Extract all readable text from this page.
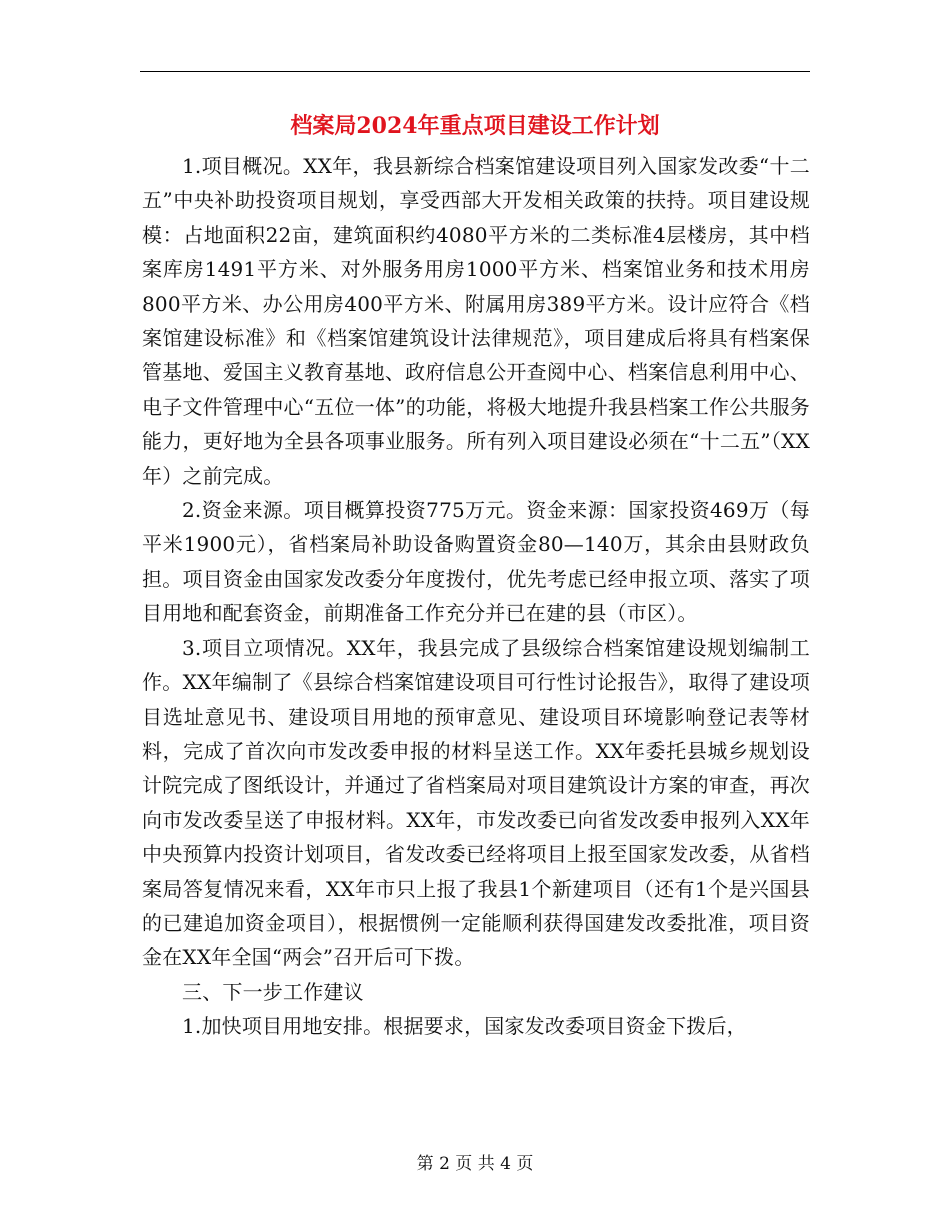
档案局2024年重点项目建设工作计划

1.项目概况。XX年，我县新综合档案馆建设项目列入国家发改委“十二五”中央补助投资项目规划，享受西部大开发相关政策的扶持。项目建设规模：占地面积22亩，建筑面积约4080平方米的二类标准4层楼房，其中档案库房1491平方米、对外服务用房1000平方米、档案馆业务和技术用房800平方米、办公用房400平方米、附属用房389平方米。设计应符合《档案馆建设标准》和《档案馆建筑设计法律规范》，项目建成后将具有档案保管基地、爱国主义教育基地、政府信息公开查阅中心、档案信息利用中心、电子文件管理中心“五位一体”的功能，将极大地提升我县档案工作公共服务能力，更好地为全县各项事业服务。所有列入项目建设必须在“十二五”（XX年）之前完成。

2.资金来源。项目概算投资775万元。资金来源：国家投资469万（每平米1900元），省档案局补助设备购置资金80—140万，其余由县财政负担。项目资金由国家发改委分年度拨付，优先考虑已经申报立项、落实了项目用地和配套资金，前期准备工作充分并已在建的县（市区）。

3.项目立项情况。XX年，我县完成了县级综合档案馆建设规划编制工作。XX年编制了《县综合档案馆建设项目可行性讨论报告》，取得了建设项目选址意见书、建设项目用地的预审意见、建设项目环境影响登记表等材料，完成了首次向市发改委申报的材料呈送工作。XX年委托县城乡规划设计院完成了图纸设计，并通过了省档案局对项目建筑设计方案的审查，再次向市发改委呈送了申报材料。XX年，市发改委已向省发改委申报列入XX年中央预算内投资计划项目，省发改委已经将项目上报至国家发改委，从省档案局答复情况来看，XX年市只上报了我县1个新建项目（还有1个是兴国县的已建追加资金项目），根据惯例一定能顺利获得国建发改委批准，项目资金在XX年全国“两会”召开后可下拨。

三、下一步工作建议

1.加快项目用地安排。根据要求，国家发改委项目资金下拨后，

第 2 页 共 4 页
